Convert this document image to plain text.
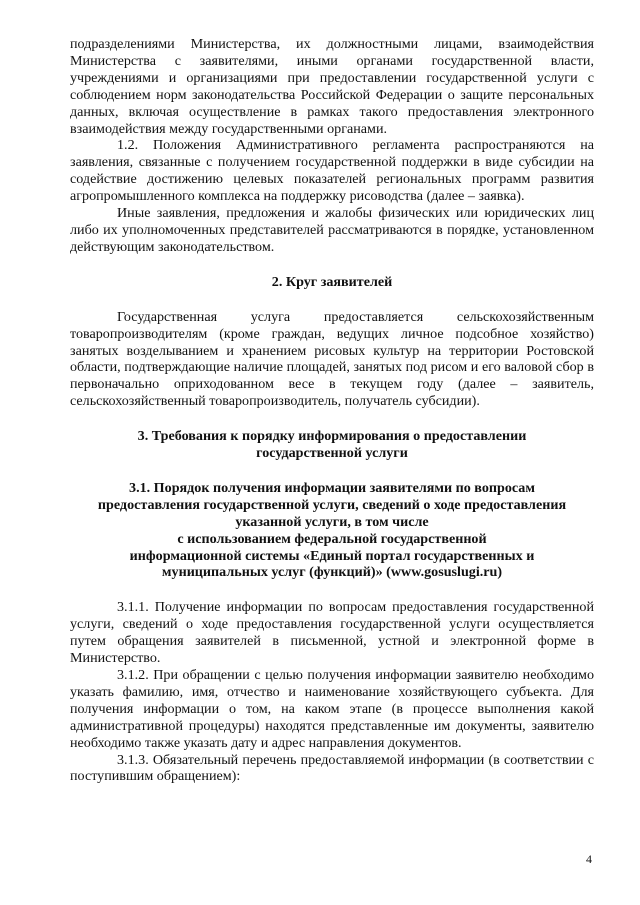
подразделениями Министерства, их должностными лицами, взаимодействия Министерства с заявителями, иными органами государственной власти, учреждениями и организациями при предоставлении государственной услуги с соблюдением норм законодательства Российской Федерации о защите персональных данных, включая осуществление в рамках такого предоставления электронного взаимодействия между государственными органами.

1.2. Положения Административного регламента распространяются на заявления, связанные с получением государственной поддержки в виде субсидии на содействие достижению целевых показателей региональных программ развития агропромышленного комплекса на поддержку рисоводства (далее – заявка).

Иные заявления, предложения и жалобы физических или юридических лиц либо их уполномоченных представителей рассматриваются в порядке, установленном действующим законодательством.

2. Круг заявителей

Государственная услуга предоставляется сельскохозяйственным товаропроизводителям (кроме граждан, ведущих личное подсобное хозяйство) занятых возделыванием и хранением рисовых культур на территории Ростовской области, подтверждающие наличие площадей, занятых под рисом и его валовой сбор в первоначально оприходованном весе в текущем году (далее – заявитель, сельскохозяйственный товаропроизводитель, получатель субсидии).

3. Требования к порядку информирования о предоставлении

государственной услуги

3.1. Порядок получения информации заявителями по вопросам

предоставления государственной услуги, сведений о ходе предоставления

указанной услуги, в том числе

с использованием федеральной государственной

информационной системы «Единый портал государственных и

муниципальных услуг (функций)» (www.gosuslugi.ru)

3.1.1. Получение информации по вопросам предоставления государственной услуги, сведений о ходе предоставления государственной услуги осуществляется путем обращения заявителей в письменной, устной и электронной форме в Министерство.

3.1.2. При обращении с целью получения информации заявителю необходимо указать фамилию, имя, отчество и наименование хозяйствующего субъекта. Для получения информации о том, на каком этапе (в процессе выполнения какой административной процедуры) находятся представленные им документы, заявителю необходимо также указать дату и адрес направления документов.

3.1.3. Обязательный перечень предоставляемой информации (в соответствии с поступившим обращением):

4
